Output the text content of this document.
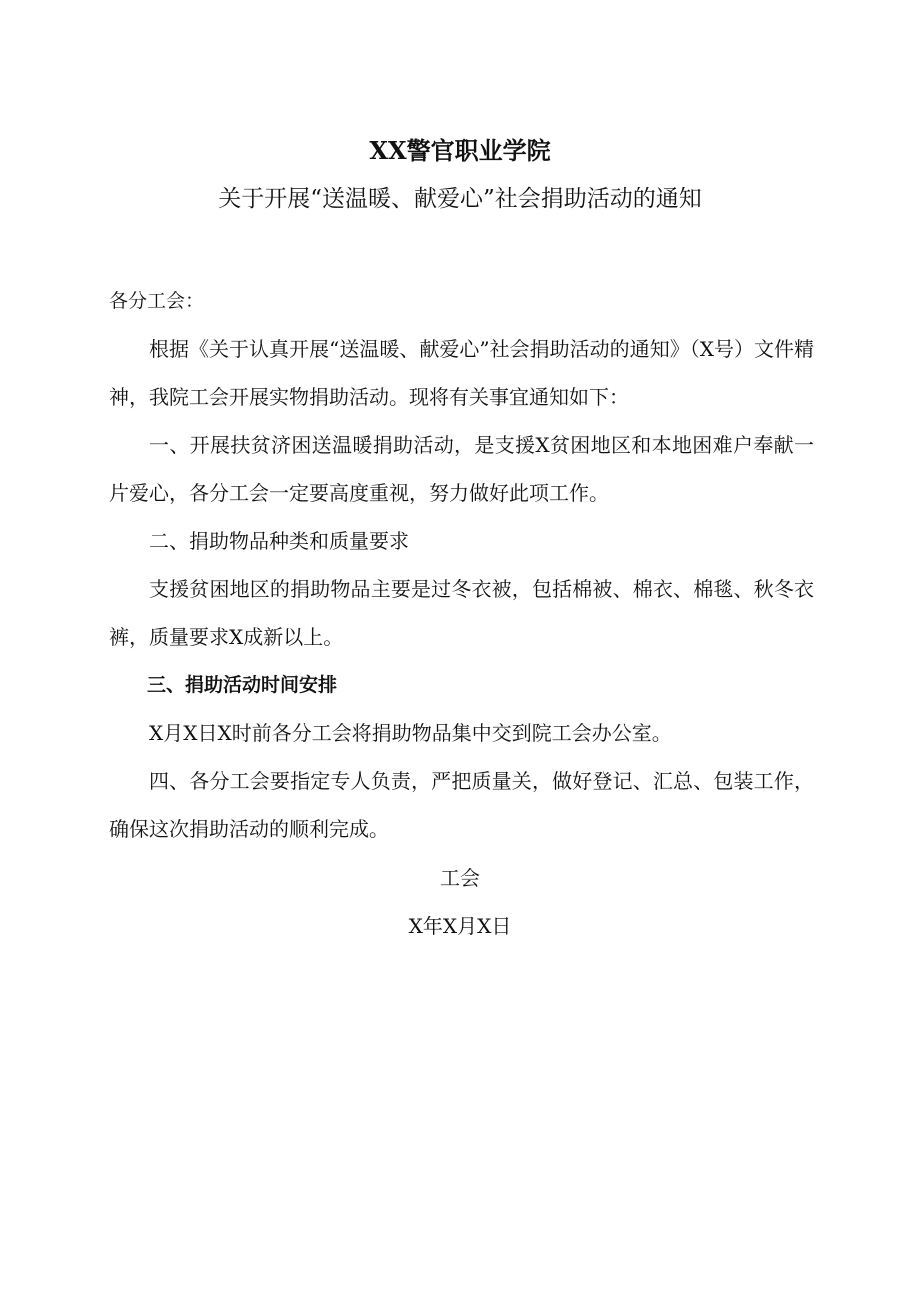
XX警官职业学院
关于开展“送温暖、献爱心”社会捐助活动的通知

各分工会：

根据《关于认真开展“送温暖、献爱心”社会捐助活动的通知》（X号）文件精神，我院工会开展实物捐助活动。现将有关事宜通知如下：

一、开展扶贫济困送温暖捐助活动，是支援X贫困地区和本地困难户奉献一片爱心，各分工会一定要高度重视，努力做好此项工作。

二、捐助物品种类和质量要求

支援贫困地区的捐助物品主要是过冬衣被，包括棉被、棉衣、棉毯、秋冬衣裤，质量要求X成新以上。

三、捐助活动时间安排

X月X日X时前各分工会将捐助物品集中交到院工会办公室。

四、各分工会要指定专人负责，严把质量关，做好登记、汇总、包装工作，确保这次捐助活动的顺利完成。

工会
X年X月X日
